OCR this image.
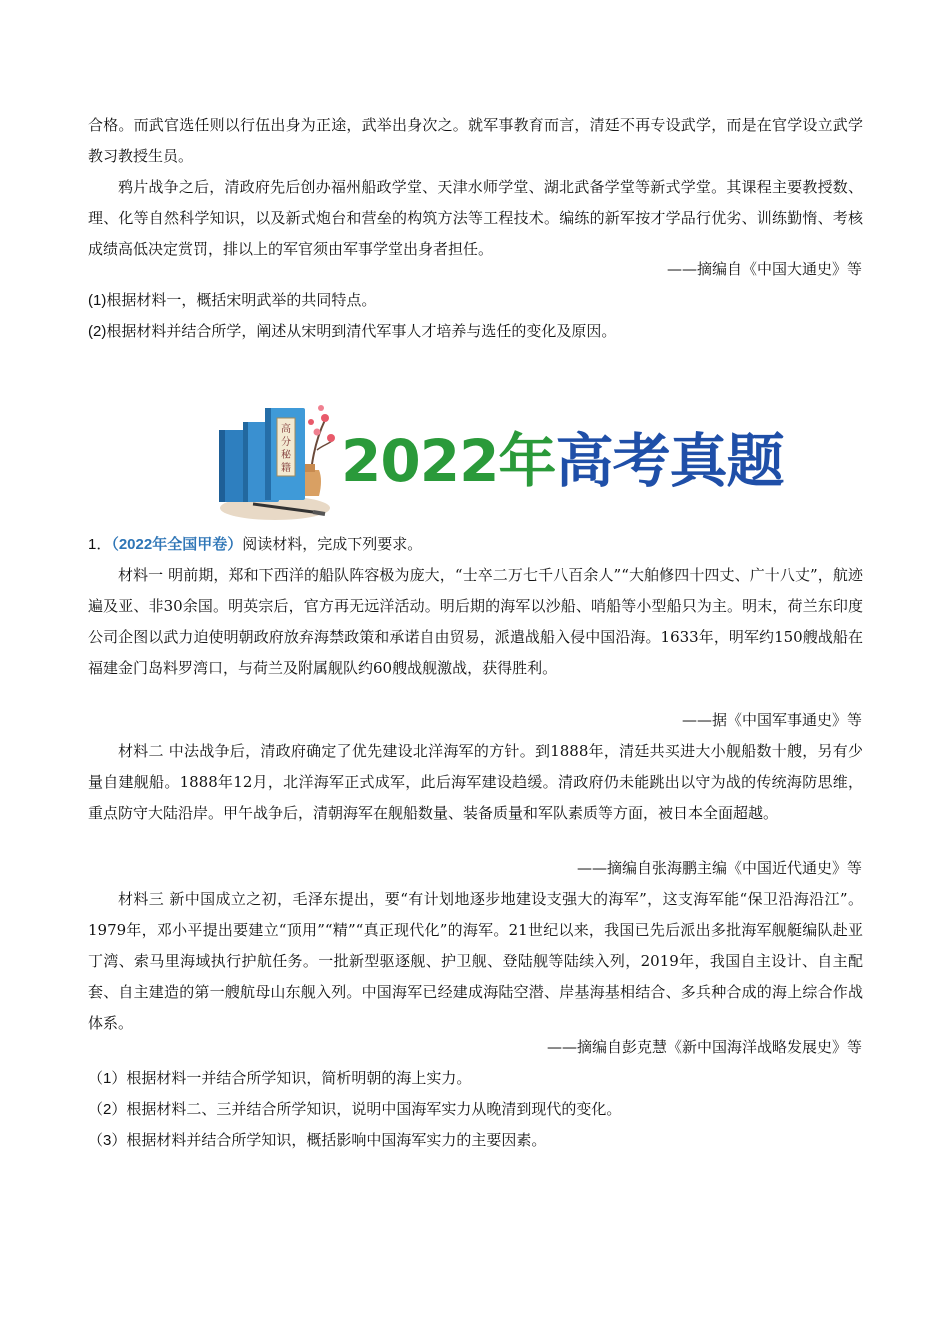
合格。而武官选任则以行伍出身为正途，武举出身次之。就军事教育而言，清廷不再专设武学，而是在官学设立武学教习教授生员。

鸦片战争之后，清政府先后创办福州船政学堂、天津水师学堂、湖北武备学堂等新式学堂。其课程主要教授数、理、化等自然科学知识，以及新式炮台和营垒的构筑方法等工程技术。编练的新军按才学品行优劣、训练勤惰、考核成绩高低决定赏罚，排以上的军官须由军事学堂出身者担任。

——摘编自《中国大通史》等

(1)根据材料一，概括宋明武举的共同特点。

(2)根据材料并结合所学，阐述从宋明到清代军事人才培养与选任的变化及原因。

高
分
秘
籍 2022年高考真题

1．（2022年全国甲卷）阅读材料，完成下列要求。

材料一 明前期，郑和下西洋的船队阵容极为庞大，“士卒二万七千八百余人”“大舶修四十四丈、广十八丈”，航迹遍及亚、非30余国。明英宗后，官方再无远洋活动。明后期的海军以沙船、哨船等小型船只为主。明末，荷兰东印度公司企图以武力迫使明朝政府放弃海禁政策和承诺自由贸易，派遣战船入侵中国沿海。1633年，明军约150艘战船在福建金门岛料罗湾口，与荷兰及附属舰队约60艘战舰激战，获得胜利。

——据《中国军事通史》等

材料二 中法战争后，清政府确定了优先建设北洋海军的方针。到1888年，清廷共买进大小舰船数十艘，另有少量自建舰船。1888年12月，北洋海军正式成军，此后海军建设趋缓。清政府仍未能跳出以守为战的传统海防思维，重点防守大陆沿岸。甲午战争后，清朝海军在舰船数量、装备质量和军队素质等方面，被日本全面超越。

——摘编自张海鹏主编《中国近代通史》等

材料三 新中国成立之初，毛泽东提出，要“有计划地逐步地建设支强大的海军”，这支海军能“保卫沿海沿江”。1979年，邓小平提出要建立“顶用”“精”“真正现代化”的海军。21世纪以来，我国已先后派出多批海军舰艇编队赴亚丁湾、索马里海域执行护航任务。一批新型驱逐舰、护卫舰、登陆舰等陆续入列，2019年，我国自主设计、自主配套、自主建造的第一艘航母山东舰入列。中国海军已经建成海陆空潜、岸基海基相结合、多兵种合成的海上综合作战体系。

——摘编自彭克慧《新中国海洋战略发展史》等

（1）根据材料一并结合所学知识，简析明朝的海上实力。

（2）根据材料二、三并结合所学知识，说明中国海军实力从晚清到现代的变化。

（3）根据材料并结合所学知识，概括影响中国海军实力的主要因素。
